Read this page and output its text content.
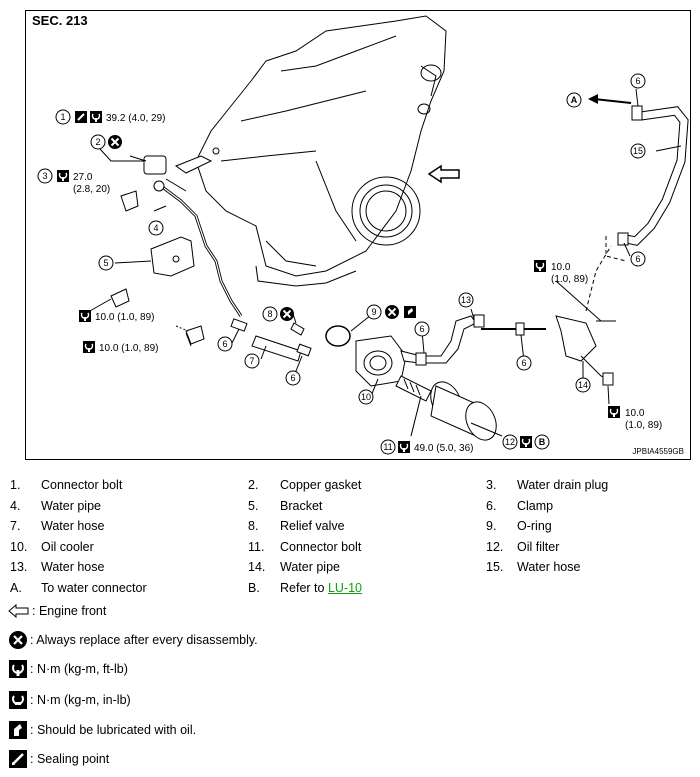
SEC. 213
1	39.2 (4.0, 29)
2
3	27.0
(2.8, 20)
4
5
10.0 (1.0, 89)
10.0 (1.0, 89)	6
7
6
8	9
6
10
11 49.0 (5.0, 36)
12	B
13
6
14
10.0
(1.0, 89)
10.0
(1.0, 89)
6
A
15
6
JPBIA4559GB
1. Connector bolt	2. Copper gasket	3. Water drain plug
4. Water pipe	5. Bracket	6. Clamp
7. Water hose	8. Relief valve	9. O-ring
10. Oil cooler	11. Connector bolt	12. Oil filter
13. Water hose	14. Water pipe	15. Water hose
A. To water connector	B. Refer to LU-10
: Engine front
: Always replace after every disassembly.
: N·m (kg-m, ft-lb)
: N·m (kg-m, in-lb)
: Should be lubricated with oil.
: Sealing point
